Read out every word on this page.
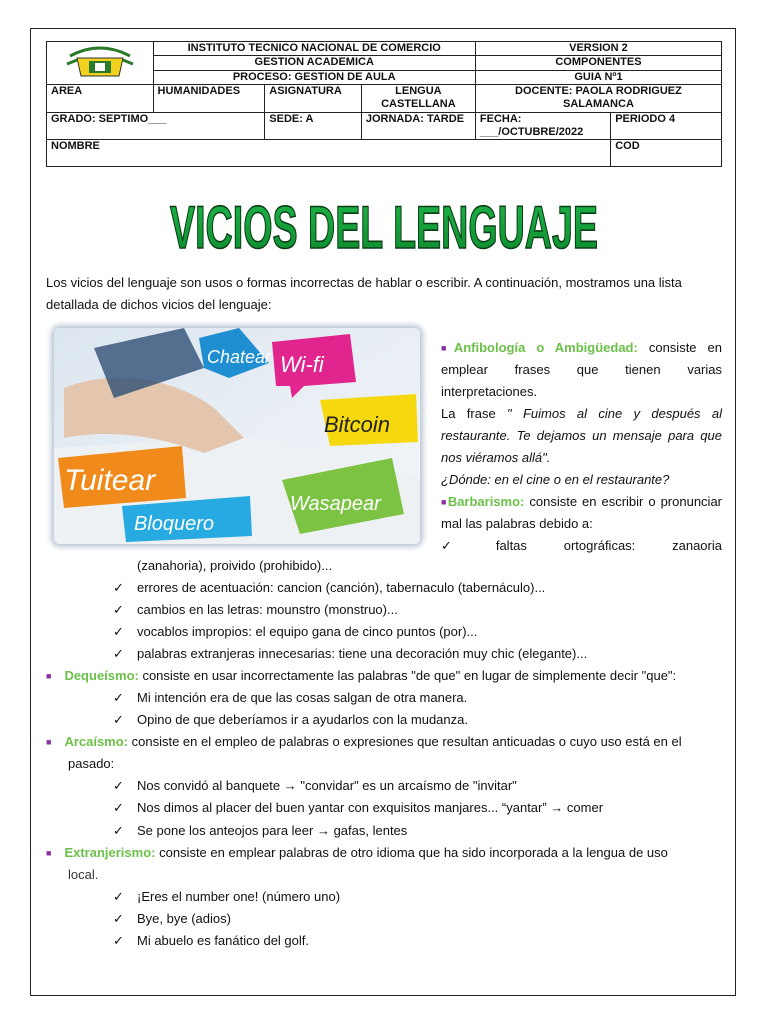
	INSTITUTO TECNICO NACIONAL DE COMERCIO			VERSION 2	
	GESTION ACADEMICA			COMPONENTES	
	PROCESO: GESTION DE AULA			GUIA Nº1	
AREA	HUMANIDADES	ASIGNATURA	LENGUA CASTELLANA	DOCENTE: PAOLA RODRIGUEZ SALAMANCA	
GRADO: SEPTIMO___		SEDE: A	JORNADA: TARDE	FECHA:
___/OCTUBRE/2022	PERIODO 4
NOMBRE					COD
VICIOS DEL LENGUAJE
Los vicios del lenguaje son usos o formas incorrectas de hablar o escribir. A continuación, mostramos una lista detallada de dichos vicios del lenguaje:
Chatear Wi-fi
Bitcoin
Tuitear
Bloquero
Wasapear
■Anfibología o Ambigüedad: consiste en emplear frases que tienen varias interpretaciones.
La frase " Fuimos al cine y después al restaurante. Te dejamos un mensaje para que nos viéramos allá".
¿Dónde: en el cine o en el restaurante?
■Barbarismo: consiste en escribir o pronunciar mal las palabras debido a:
✓	faltas ortográficas: zanaoria
(zanahoria), proivido (prohibido)...
✓ errores de acentuación: cancion (canción), tabernaculo (tabernáculo)...
✓ cambios en las letras: mounstro (monstruo)...
✓ vocablos impropios: el equipo gana de cinco puntos (por)...
✓ palabras extranjeras innecesarias: tiene una decoración muy chic (elegante)...
■ Dequeísmo: consiste en usar incorrectamente las palabras "de que" en lugar de simplemente decir "que":
✓ Mi intención era de que las cosas salgan de otra manera.
✓ Opino de que deberíamos ir a ayudarlos con la mudanza.
■ Arcaísmo: consiste en el empleo de palabras o expresiones que resultan anticuadas o cuyo uso está en el
pasado:
✓ Nos convidó al banquete → "convidar" es un arcaísmo de "invitar"
✓ Nos dimos al placer del buen yantar con exquisitos manjares... “yantar” → comer
✓ Se pone los anteojos para leer → gafas, lentes
■ Extranjerismo: consiste en emplear palabras de otro idioma que ha sido incorporada a la lengua de uso
local.
✓ ¡Eres el number one! (número uno)
✓ Bye, bye (adios)
✓ Mi abuelo es fanático del golf.
